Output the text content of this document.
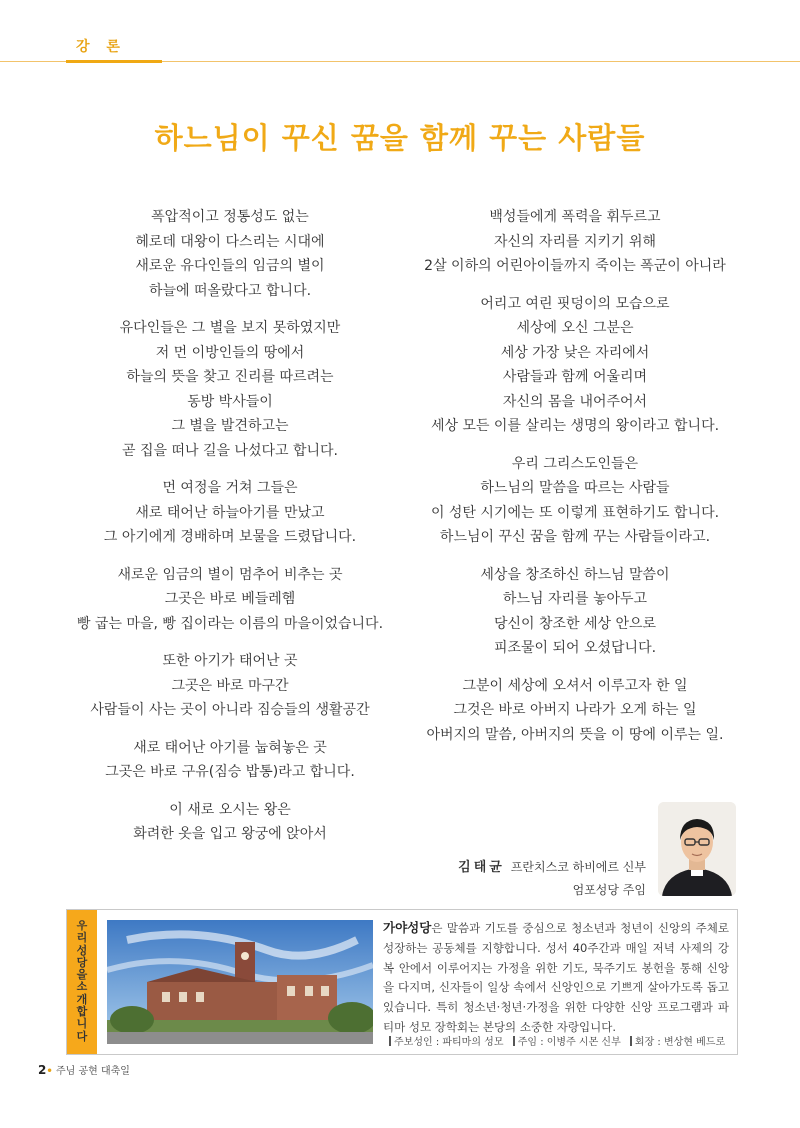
강 론
하느님이 꾸신 꿈을 함께 꾸는 사람들
폭압적이고 정통성도 없는
헤로데 대왕이 다스리는 시대에
새로운 유다인들의 임금의 별이
하늘에 떠올랐다고 합니다.
유다인들은 그 별을 보지 못하였지만
저 먼 이방인들의 땅에서
하늘의 뜻을 찾고 진리를 따르려는
동방 박사들이
그 별을 발견하고는
곧 집을 떠나 길을 나섰다고 합니다.
먼 여정을 거쳐 그들은
새로 태어난 하늘아기를 만났고
그 아기에게 경배하며 보물을 드렸답니다.
새로운 임금의 별이 멈추어 비추는 곳
그곳은 바로 베들레헴
빵 굽는 마을, 빵 집이라는 이름의 마을이었습니다.
또한 아기가 태어난 곳
그곳은 바로 마구간
사람들이 사는 곳이 아니라 짐승들의 생활공간
새로 태어난 아기를 눕혀놓은 곳
그곳은 바로 구유(짐승 밥통)라고 합니다.
이 새로 오시는 왕은
화려한 옷을 입고 왕궁에 앉아서
백성들에게 폭력을 휘두르고
자신의 자리를 지키기 위해
2살 이하의 어린아이들까지 죽이는 폭군이 아니라
어리고 여린 핏덩이의 모습으로
세상에 오신 그분은
세상 가장 낮은 자리에서
사람들과 함께 어울리며
자신의 몸을 내어주어서
세상 모든 이를 살리는 생명의 왕이라고 합니다.
우리 그리스도인들은
하느님의 말씀을 따르는 사람들
이 성탄 시기에는 또 이렇게 표현하기도 합니다.
하느님이 꾸신 꿈을 함께 꾸는 사람들이라고.
세상을 창조하신 하느님 말씀이
하느님 자리를 놓아두고
당신이 창조한 세상 안으로
피조물이 되어 오셨답니다.
그분이 세상에 오셔서 이루고자 한 일
그것은 바로 아버지 나라가 오게 하는 일
아버지의 말씀, 아버지의 뜻을 이 땅에 이루는 일.
김태균 프란치스코 하비에르 신부
엄포성당 주임
우리성당을소개합니다
가야성당은 말씀과 기도를 중심으로 청소년과 청년이 신앙의 주체로 성장하는 공동체를 지향합니다. 성서 40주간과 매일 저녁 사제의 강복 안에서 이루어지는 가정을 위한 기도, 묵주기도 봉헌을 통해 신앙을 다지며, 신자들이 일상 속에서 신앙인으로 기쁘게 살아가도록 돕고 있습니다. 특히 청소년·청년·가정을 위한 다양한 신앙 프로그램과 파티마 성모 장학회는 본당의 소중한 자랑입니다.
주보성인 : 파티마의 성모 주임 : 이병주 시몬 신부 회장 : 변상현 베드로
2• 주님 공현 대축일
